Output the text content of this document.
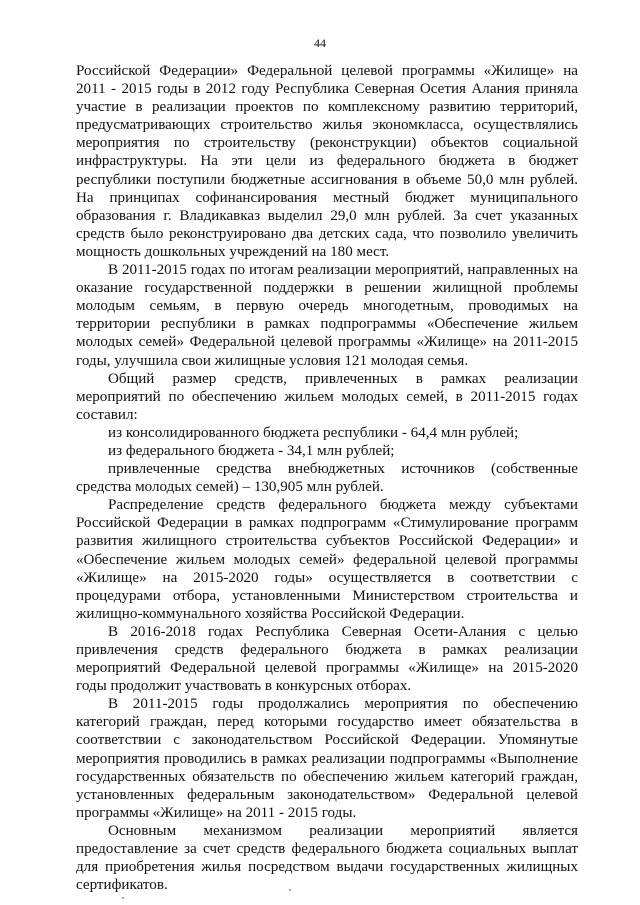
44

Российской Федерации» Федеральной целевой программы «Жилище» на 2011 - 2015 годы в 2012 году Республика Северная Осетия Алания приняла участие в реализации проектов по комплексному развитию территорий, предусматривающих строительство жилья экономкласса, осуществлялись мероприятия по строительству (реконструкции) объектов социальной инфраструктуры. На эти цели из федерального бюджета в бюджет республики поступили бюджетные ассигнования в объеме 50,0 млн рублей. На принципах софинансирования местный бюджет муниципального образования г. Владикавказ выделил 29,0 млн рублей. За счет указанных средств было реконструировано два детских сада, что позволило увеличить мощность дошкольных учреждений на 180 мест.

В 2011-2015 годах по итогам реализации мероприятий, направленных на оказание государственной поддержки в решении жилищной проблемы молодым семьям, в первую очередь многодетным, проводимых на территории республики в рамках подпрограммы «Обеспечение жильем молодых семей» Федеральной целевой программы «Жилище» на 2011-2015 годы, улучшила свои жилищные условия 121 молодая семья.

Общий размер средств, привлеченных в рамках реализации мероприятий по обеспечению жильем молодых семей, в 2011-2015 годах составил:

из консолидированного бюджета республики - 64,4 млн рублей;

из федерального бюджета - 34,1 млн рублей;

привлеченные средства внебюджетных источников (собственные средства молодых семей) – 130,905 млн рублей.

Распределение средств федерального бюджета между субъектами Российской Федерации в рамках подпрограмм «Стимулирование программ развития жилищного строительства субъектов Российской Федерации» и «Обеспечение жильем молодых семей» федеральной целевой программы «Жилище» на 2015-2020 годы» осуществляется в соответствии с процедурами отбора, установленными Министерством строительства и жилищно-коммунального хозяйства Российской Федерации.

В 2016-2018 годах Республика Северная Осети-Алания с целью привлечения средств федерального бюджета в рамках реализации мероприятий Федеральной целевой программы «Жилище» на 2015-2020 годы продолжит участвовать в конкурсных отборах.

В 2011-2015 годы продолжались мероприятия по обеспечению категорий граждан, перед которыми государство имеет обязательства в соответствии с законодательством Российской Федерации. Упомянутые мероприятия проводились в рамках реализации подпрограммы «Выполнение государственных обязательств по обеспечению жильем категорий граждан, установленных федеральным законодательством» Федеральной целевой программы «Жилище» на 2011 - 2015 годы.

Основным механизмом реализации мероприятий является предоставление за счет средств федерального бюджета социальных выплат для приобретения жилья посредством выдачи государственных жилищных сертификатов.
